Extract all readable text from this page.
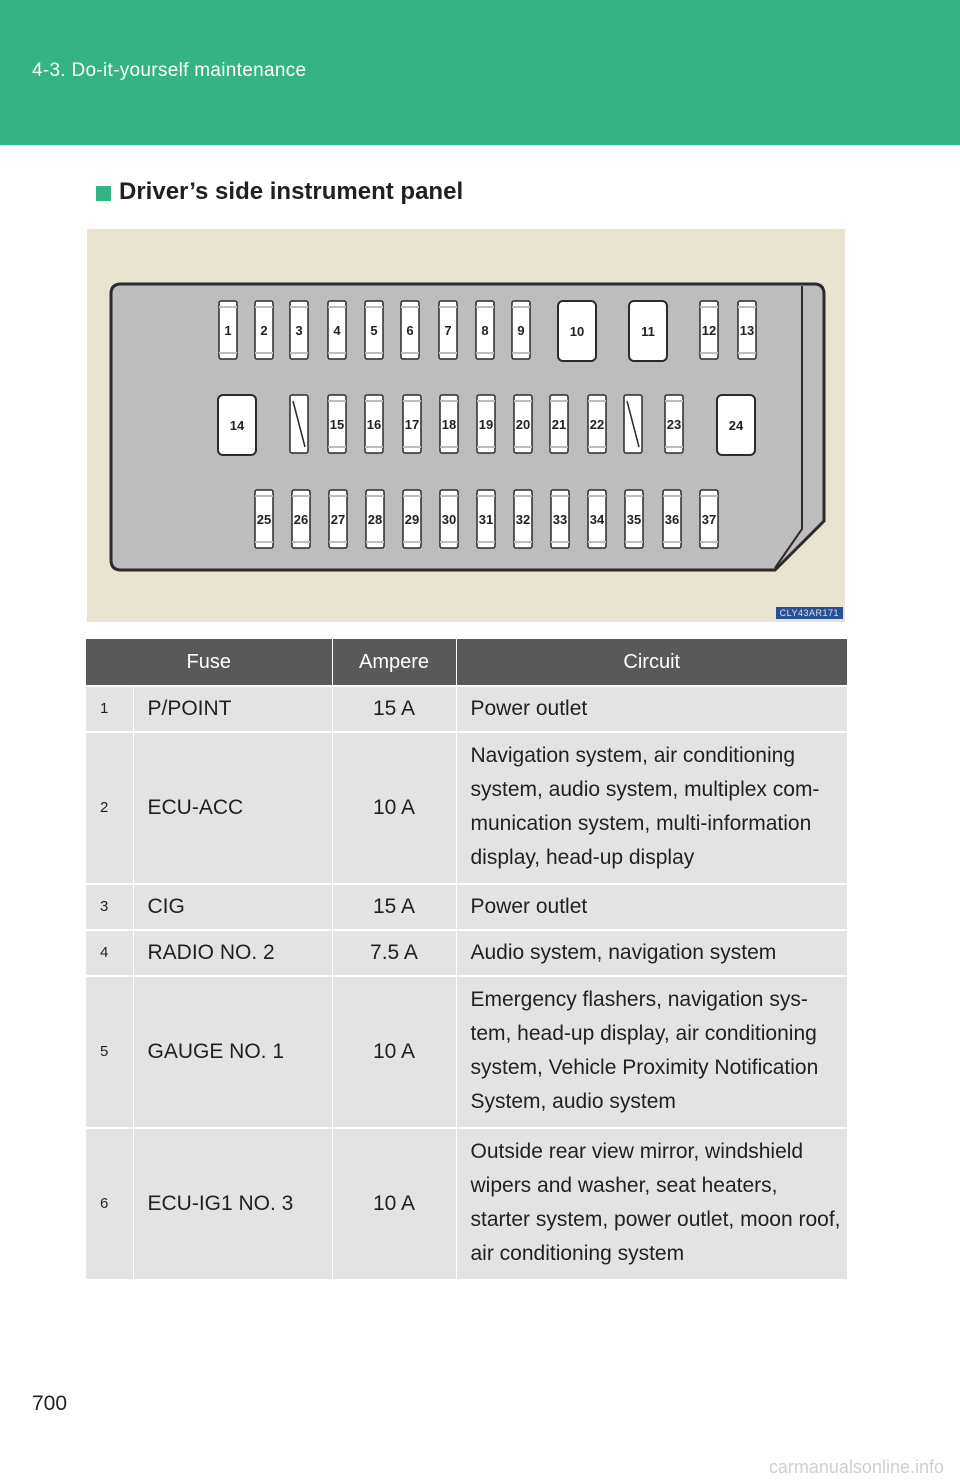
4-3. Do-it-yourself maintenance
Driver’s side instrument panel
1 2 3 4 5 6 7 8 9	10	11	12 13
14	15 16 17 18 19 20 21 22	23	24
25 26 27 28 29 30 31 32 33 34 35 36 37
CLY43AR171
Fuse		Ampere	Circuit
1	P/POINT	15 A	Power outlet
2	ECU-ACC	10 A	Navigation system, air conditioning system, audio system, multiplex com-munication system, multi-information display, head-up display
3	CIG	15 A	Power outlet
4	RADIO NO. 2	7.5 A	Audio system, navigation system
5	GAUGE NO. 1	10 A	Emergency flashers, navigation sys-tem, head-up display, air conditioning system, Vehicle Proximity Notification System, audio system
6	ECU-IG1 NO. 3	10 A	Outside rear view mirror, windshield wipers and washer, seat heaters, starter system, power outlet, moon roof, air conditioning system
700
carmanualsonline.info
